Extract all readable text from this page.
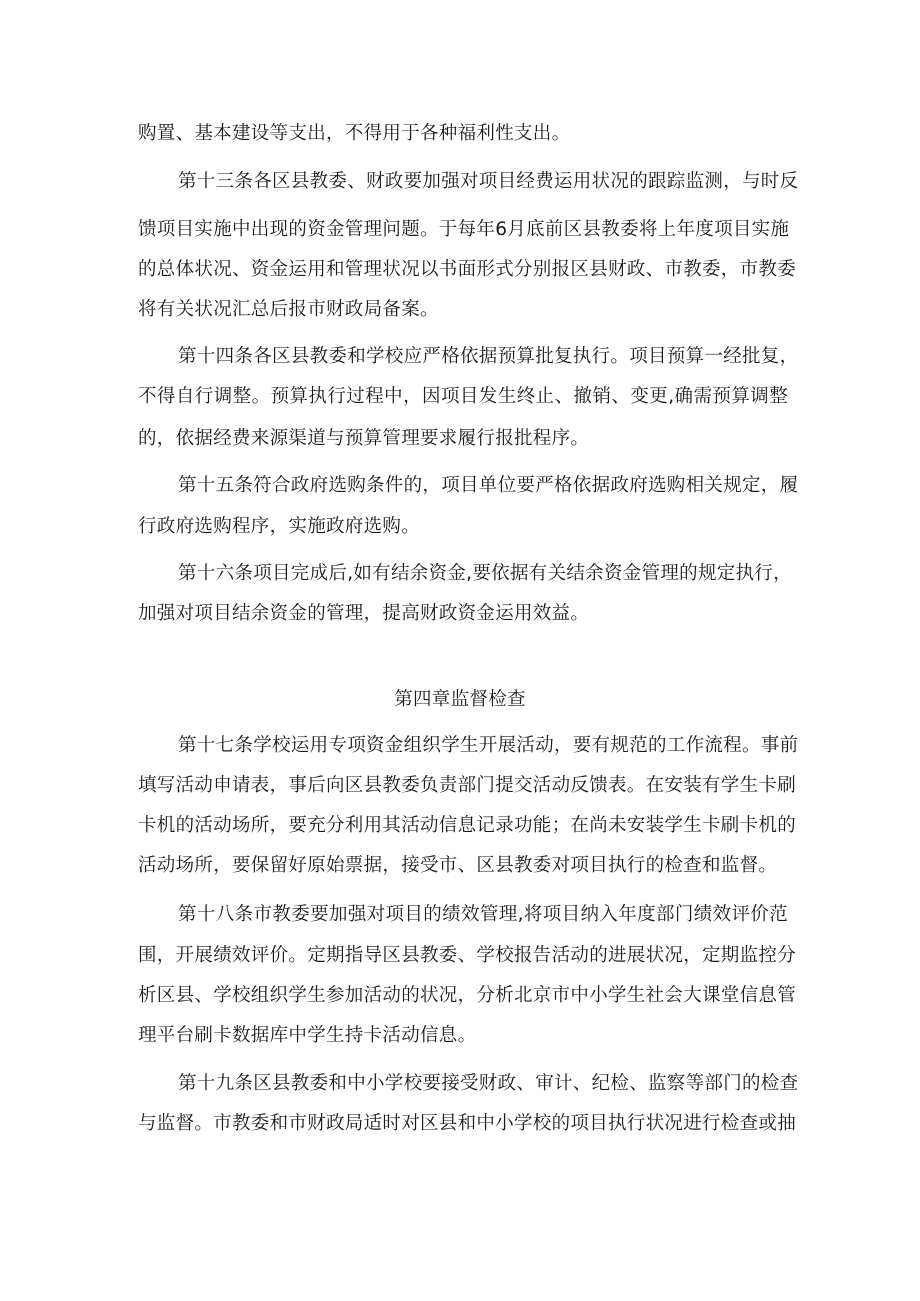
购置、基本建设等支出，不得用于各种福利性支出。
第十三条各区县教委、财政要加强对项目经费运用状况的跟踪监测，与时反
馈项目实施中出现的资金管理问题。于每年6月底前区县教委将上年度项目实施
的总体状况、资金运用和管理状况以书面形式分别报区县财政、市教委，市教委
将有关状况汇总后报市财政局备案。
第十四条各区县教委和学校应严格依据预算批复执行。项目预算一经批复，
不得自行调整。预算执行过程中，因项目发生终止、撤销、变更,确需预算调整
的，依据经费来源渠道与预算管理要求履行报批程序。
第十五条符合政府选购条件的，项目单位要严格依据政府选购相关规定，履
行政府选购程序，实施政府选购。
第十六条项目完成后,如有结余资金,要依据有关结余资金管理的规定执行，
加强对项目结余资金的管理，提高财政资金运用效益。
第四章监督检查
第十七条学校运用专项资金组织学生开展活动，要有规范的工作流程。事前
填写活动申请表，事后向区县教委负责部门提交活动反馈表。在安装有学生卡刷
卡机的活动场所，要充分利用其活动信息记录功能；在尚未安装学生卡刷卡机的
活动场所，要保留好原始票据，接受市、区县教委对项目执行的检查和监督。
第十八条市教委要加强对项目的绩效管理,将项目纳入年度部门绩效评价范
围，开展绩效评价。定期指导区县教委、学校报告活动的进展状况，定期监控分
析区县、学校组织学生参加活动的状况，分析北京市中小学生社会大课堂信息管
理平台刷卡数据库中学生持卡活动信息。
第十九条区县教委和中小学校要接受财政、审计、纪检、监察等部门的检查
与监督。市教委和市财政局适时对区县和中小学校的项目执行状况进行检查或抽
